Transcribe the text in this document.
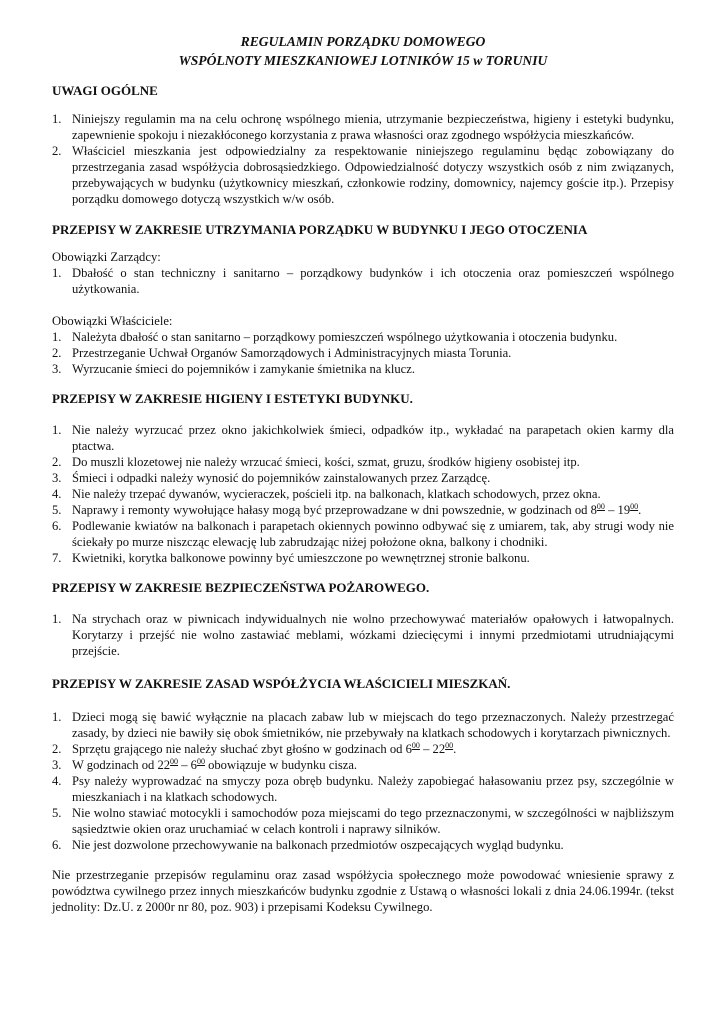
REGULAMIN PORZĄDKU DOMOWEGO
WSPÓLNOTY MIESZKANIOWEJ LOTNIKÓW 15 w TORUNIU
UWAGI OGÓLNE
1. Niniejszy regulamin ma na celu ochronę wspólnego mienia, utrzymanie bezpieczeństwa, higieny i estetyki budynku, zapewnienie spokoju i niezakłóconego korzystania z prawa własności oraz zgodnego współżycia mieszkańców.
2. Właściciel mieszkania jest odpowiedzialny za respektowanie niniejszego regulaminu będąc zobowiązany do przestrzegania zasad współżycia dobrosąsiedzkiego. Odpowiedzialność dotyczy wszystkich osób z nim związanych, przebywających w budynku (użytkownicy mieszkań, członkowie rodziny, domownicy, najemcy goście itp.). Przepisy porządku domowego dotyczą wszystkich w/w osób.
PRZEPISY W ZAKRESIE UTRZYMANIA PORZĄDKU W BUDYNKU I JEGO OTOCZENIA

Obowiązki Zarządcy:

1. Dbałość o stan techniczny i sanitarno – porządkowy budynków i ich otoczenia oraz pomieszczeń wspólnego użytkowania.

Obowiązki Właściciele:

1. Należyta dbałość o stan sanitarno – porządkowy pomieszczeń wspólnego użytkowania i otoczenia budynku.
2. Przestrzeganie Uchwał Organów Samorządowych i Administracyjnych miasta Torunia.
3. Wyrzucanie śmieci do pojemników i zamykanie śmietnika na klucz.
PRZEPISY W ZAKRESIE HIGIENY I ESTETYKI BUDYNKU.
1. Nie należy wyrzucać przez okno jakichkolwiek śmieci, odpadków itp., wykładać na parapetach okien karmy dla ptactwa.
2. Do muszli klozetowej nie należy wrzucać śmieci, kości, szmat, gruzu, środków higieny osobistej itp.
3. Śmieci i odpadki należy wynosić do pojemników zainstalowanych przez Zarządcę.
4. Nie należy trzepać dywanów, wycieraczek, pościeli itp. na balkonach, klatkach schodowych, przez okna.
5. Naprawy i remonty wywołujące hałasy mogą być przeprowadzane w dni powszednie, w godzinach od $8^{00} - 19^{00}$.
6. Podlewanie kwiatów na balkonach i parapetach okiennych powinno odbywać się z umiarem, tak, aby strugi wody nie ściekały po murze niszcząc elewację lub zabrudzając niżej położone okna, balkony i chodniki.
7. Kwietniki, korytka balkonowe powinny być umieszczone po wewnętrznej stronie balkonu.
PRZEPISY W ZAKRESIE BEZPIECZEŃSTWA POŻAROWEGO.
1. Na strychach oraz w piwnicach indywidualnych nie wolno przechowywać materiałów opałowych i łatwopalnych. Korytarzy i przejść nie wolno zastawiać meblami, wózkami dziecięcymi i innymi przedmiotami utrudniającymi przejście.
PRZEPISY W ZAKRESIE ZASAD WSPÓŁŻYCIA WŁAŚCICIELI MIESZKAŃ.
1. Dzieci mogą się bawić wyłącznie na placach zabaw lub w miejscach do tego przeznaczonych. Należy przestrzegać zasady, by dzieci nie bawiły się obok śmietników, nie przebywały na klatkach schodowych i korytarzach piwnicznych.
2. Sprzętu grającego nie należy słuchać zbyt głośno w godzinach od $6^{00} - 22^{00}$.
3. W godzinach od $22^{00} - 6^{00}$ obowiązuje w budynku cisza.
4. Psy należy wyprowadzać na smyczy poza obręb budynku. Należy zapobiegać hałasowaniu przez psy, szczególnie w mieszkaniach i na klatkach schodowych.
5. Nie wolno stawiać motocykli i samochodów poza miejscami do tego przeznaczonymi, w szczególności w najbliższym sąsiedztwie okien oraz uruchamiać w celach kontroli i naprawy silników.
6. Nie jest dozwolone przechowywanie na balkonach przedmiotów oszpecających wygląd budynku.

Nie przestrzeganie przepisów regulaminu oraz zasad współżycia społecznego może powodować wniesienie sprawy z powództwa cywilnego przez innych mieszkańców budynku zgodnie z Ustawą o własności lokali z dnia 24.06.1994r. (tekst jednolity: Dz.U. z 2000r nr 80, poz. 903) i przepisami Kodeksu Cywilnego.
